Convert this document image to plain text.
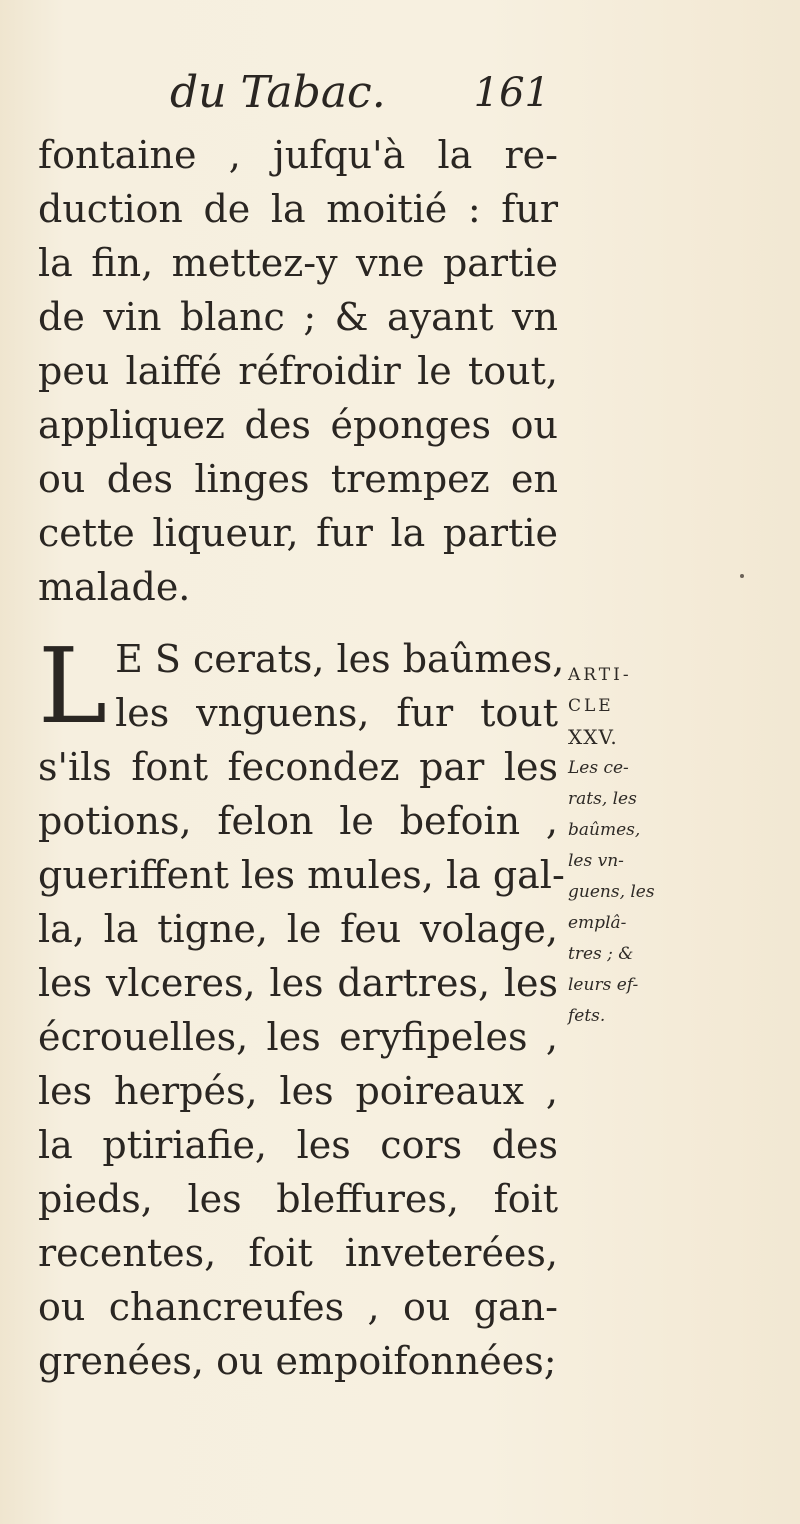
du Tabac. 161
fontaine , jufqu'à la re-
duction de la moitié : fur
la fin, mettez-y vne partie
de vin blanc ; & ayant vn
peu laiffé réfroidir le tout,
appliquez des éponges ou
ou des linges trempez en
cette liqueur, fur la partie
malade.
L E S cerats, les baûmes,
les vnguens, fur tout
s'ils font fecondez par les
potions, felon le befoin ,
gueriffent les mules, la gal-
la, la tigne, le feu volage,
les vlceres, les dartres, les
écrouelles, les eryfipeles ,
les herpés, les poireaux ,
la ptiriafie, les cors des
pieds, les bleffures, foit
recentes, foit inveterées,
ou chancreufes , ou gan-
grenées, ou empoifonnées;
ARTI-
CLE
XXV.
Les ce-
rats, les
baûmes,
les vn-
guens, les
emplâ-
tres ; &
leurs ef-
fets.
